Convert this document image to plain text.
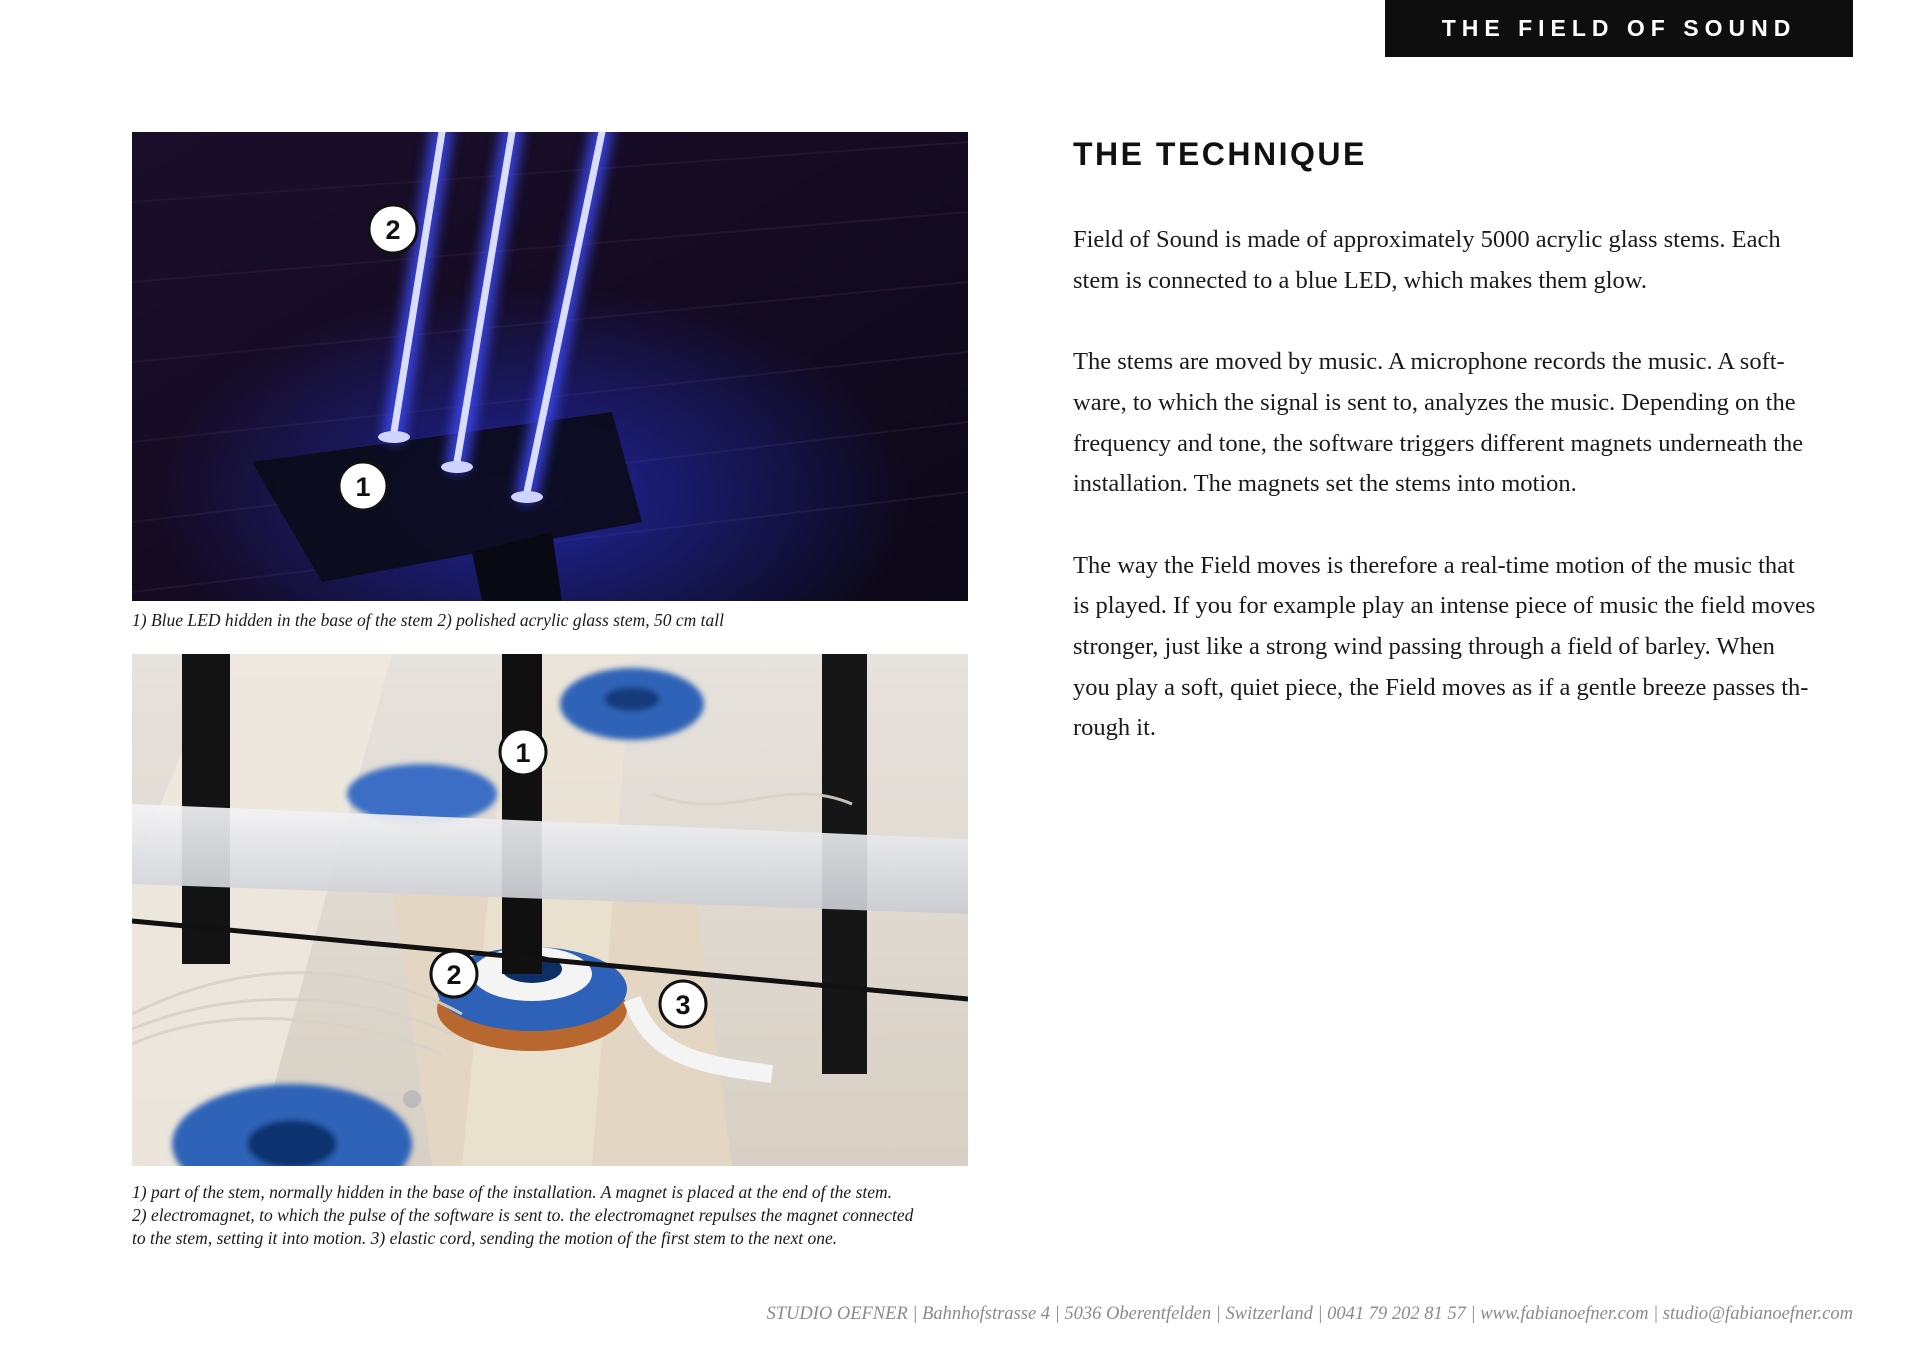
THE FIELD OF SOUND
2
1
1) Blue LED hidden in the base of the stem 2) polished acrylic glass stem, 50 cm tall
1
2
3
1) part of the stem, normally hidden in the base of the installation. A magnet is placed at the end of the stem.
2) electromagnet, to which the pulse of the software is sent to. the electromagnet repulses the magnet connected
to the stem, setting it into motion. 3) elastic cord, sending the motion of the first stem to the next one.
THE TECHNIQUE

Field of Sound is made of approximately 5000 acrylic glass stems. Each
stem is connected to a blue LED, which makes them glow.

The stems are moved by music. A microphone records the music. A soft-
ware, to which the signal is sent to, analyzes the music. Depending on the
frequency and tone, the software triggers different magnets underneath the
installation. The magnets set the stems into motion.

The way the Field moves is therefore a real-time motion of the music that
is played. If you for example play an intense piece of music the field moves
stronger, just like a strong wind passing through a field of barley. When
you play a soft, quiet piece, the Field moves as if a gentle breeze passes th-
rough it.

STUDIO OEFNER | Bahnhofstrasse 4 | 5036 Oberentfelden | Switzerland | 0041 79 202 81 57 | www.fabianoefner.com | studio@fabianoefner.com
